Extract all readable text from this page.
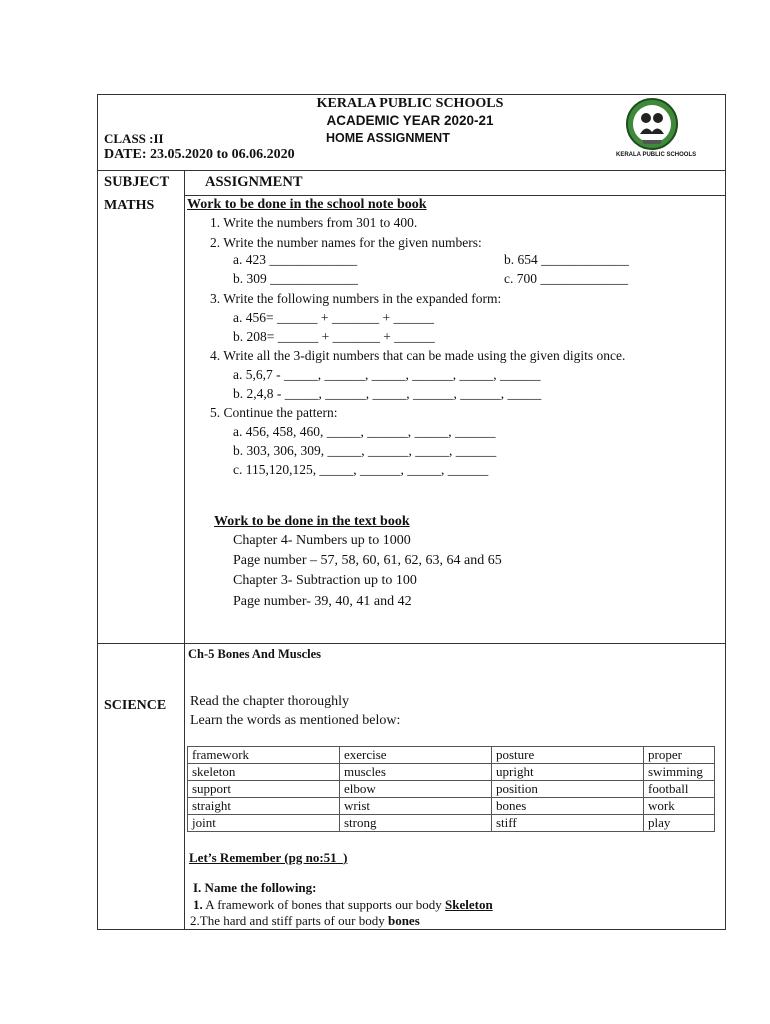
KERALA PUBLIC SCHOOLS
ACADEMIC YEAR 2020-21
HOME ASSIGNMENT
CLASS :II
DATE: 23.05.2020 to 06.06.2020	KERALA PUBLIC SCHOOLS
SUBJECT ASSIGNMENT
MATHS Work to be done in the school note book
1. Write the numbers from 301 to 400.
2. Write the number names for the given numbers:
a. 423 _____________	b. 654 _____________
b. 309 _____________	c. 700 _____________
3. Write the following numbers in the expanded form:
a. 456= ______ + _______ + ______
b. 208= ______ + _______ + ______
4. Write all the 3-digit numbers that can be made using the given digits once.
a. 5,6,7 - _____, ______, _____, ______, _____, ______
b. 2,4,8 - _____, ______, _____, ______, ______, _____
5. Continue the pattern:
a. 456, 458, 460, _____, ______, _____, ______
b. 303, 306, 309, _____, ______, _____, ______
c. 115,120,125, _____, ______, _____, ______
Work to be done in the text book
Chapter 4- Numbers up to 1000
Page number – 57, 58, 60, 61, 62, 63, 64 and 65
Chapter 3- Subtraction up to 100
Page number- 39, 40, 41 and 42
Ch-5 Bones And Muscles
SCIENCE Read the chapter thoroughly
Learn the words as mentioned below:
framework	exercise	posture	proper
skeleton	muscles	upright	swimming
support	elbow	position	football
straight	wrist	bones	work
joint	strong	stiff	play
Let’s Remember (pg no:51_)
I. Name the following:
1. A framework of bones that supports our body Skeleton
2.The hard and stiff parts of our body bones
